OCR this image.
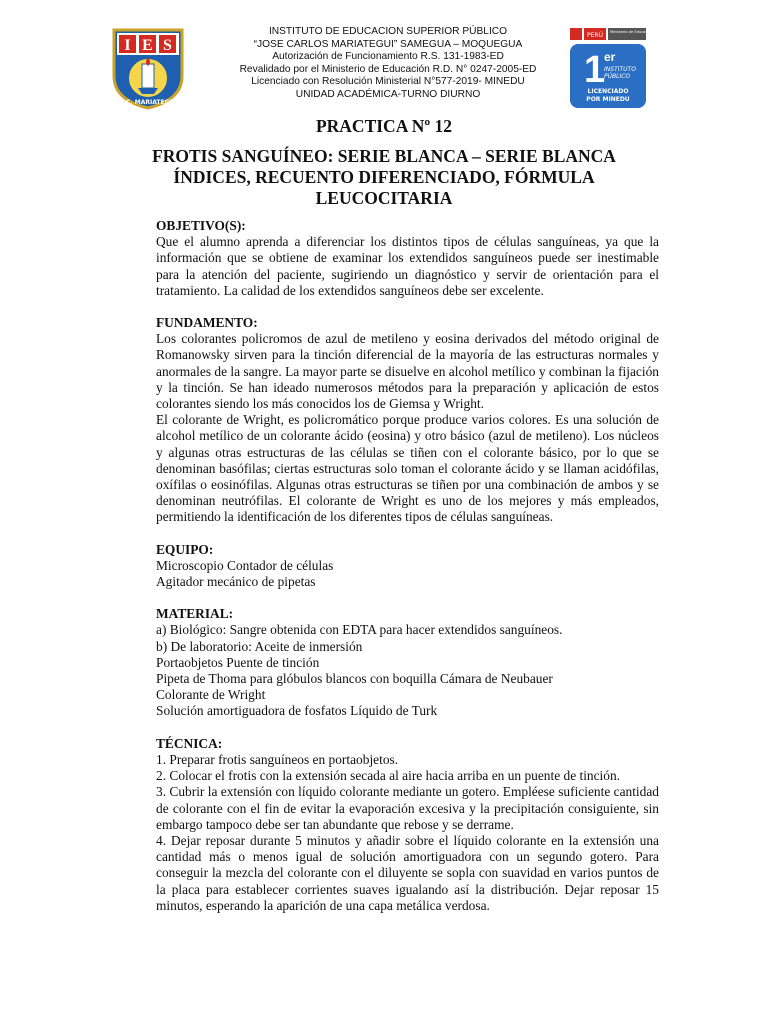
I E S
J. C. MARIATEGUI
INSTITUTO DE EDUCACION SUPERIOR PÚBLICO
“JOSE CARLOS MARIATEGUI” SAMEGUA – MOQUEGUA
Autorización de Funcionamiento R.S. 131-1983-ED
Revalidado por el Ministerio de Educación R.D. N° 0247-2005-ED
Licenciado con Resolución Ministerial N°577-2019- MINEDU
UNIDAD ACADÉMICA-TURNO DIURNO
PERÚ Ministerio de Educación
1
er
INSTITUTO
PÚBLICO
LICENCIADO
POR MINEDU
PRACTICA Nº 12
FROTIS SANGUÍNEO: SERIE BLANCA – SERIE BLANCA
ÍNDICES, RECUENTO DIFERENCIADO, FÓRMULA
LEUCOCITARIA
OBJETIVO(S):

Que el alumno aprenda a diferenciar los distintos tipos de células sanguíneas, ya que la información que se obtiene de examinar los extendidos sanguíneos puede ser inestimable para la atención del paciente, sugiriendo un diagnóstico y servir de orientación para el tratamiento. La calidad de los extendidos sanguíneos debe ser excelente.

FUNDAMENTO:

Los colorantes policromos de azul de metileno y eosina derivados del método original de Romanowsky sirven para la tinción diferencial de la mayoría de las estructuras normales y anormales de la sangre. La mayor parte se disuelve en alcohol metílico y combinan la fijación y la tinción. Se han ideado numerosos métodos para la preparación y aplicación de estos colorantes siendo los más conocidos los de Giemsa y Wright.

El colorante de Wright, es policromático porque produce varios colores. Es una solución de alcohol metílico de un colorante ácido (eosina) y otro básico (azul de metileno). Los núcleos y algunas otras estructuras de las células se tiñen con el colorante básico, por lo que se denominan basófilas; ciertas estructuras solo toman el colorante ácido y se llaman acidófilas, oxífilas o eosinófilas. Algunas otras estructuras se tiñen por una combinación de ambos y se denominan neutrófilas. El colorante de Wright es uno de los mejores y más empleados, permitiendo la identificación de los diferentes tipos de células sanguíneas.

EQUIPO:

Microscopio Contador de células

Agitador mecánico de pipetas

MATERIAL:

a) Biológico: Sangre obtenida con EDTA para hacer extendidos sanguíneos.

b) De laboratorio: Aceite de inmersión

Portaobjetos Puente de tinción

Pipeta de Thoma para glóbulos blancos con boquilla Cámara de Neubauer

Colorante de Wright

Solución amortiguadora de fosfatos Líquido de Turk

TÉCNICA:

1. Preparar frotis sanguíneos en portaobjetos.

2. Colocar el frotis con la extensión secada al aire hacia arriba en un puente de tinción.

3. Cubrir la extensión con líquido colorante mediante un gotero. Empléese suficiente cantidad de colorante con el fin de evitar la evaporación excesiva y la precipitación consiguiente, sin embargo tampoco debe ser tan abundante que rebose y se derrame.

4. Dejar reposar durante 5 minutos y añadir sobre el líquido colorante en la extensión una cantidad más o menos igual de solución amortiguadora con un segundo gotero. Para conseguir la mezcla del colorante con el diluyente se sopla con suavidad en varios puntos de la placa para establecer corrientes suaves igualando así la distribución. Dejar reposar 15 minutos, esperando la aparición de una capa metálica verdosa.
